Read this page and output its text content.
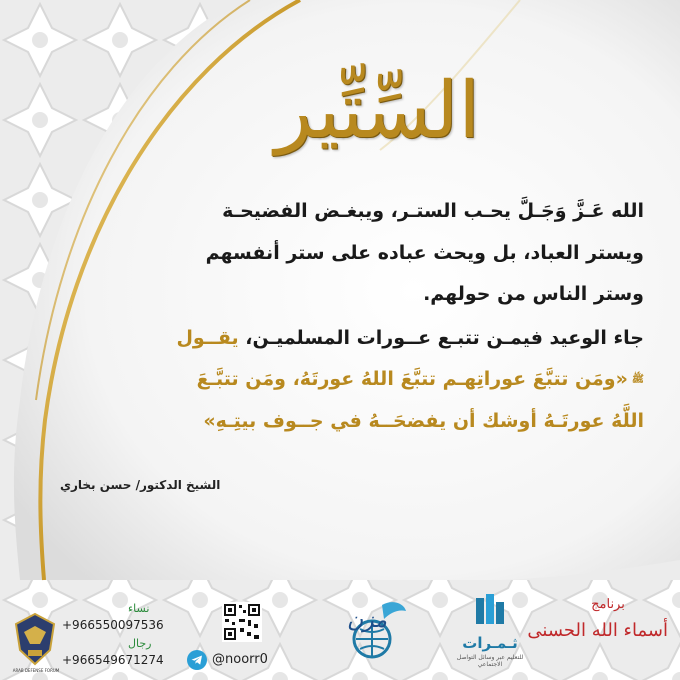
السِّتِّير
الله عَـزَّ وَجَـلَّ يحـب الستـر، ويبغـض الفضيحـة
ويستر العباد، بل ويحث عباده على ستر أنفسهم
وستر الناس من حولهم.
جاء الوعيد فيمـن تتبـع عــورات المسلميـن، يقــول
ﷺ«ومَن تتبَّعَ عوراتِهـم تتبَّعَ اللهُ عورتَهُ، ومَن تتبَّـعَ
اللَّهُ عورتَـهُ أوشك أن يفضحَــهُ في جــوف بيتِـهِ»
الشيخ الدكتور/ حسن بخاري
ARAB DEFENSE FORUM
نساء
+966550097536
رجال
+966549671274	@noorr0
مزن
ثـمـرات
للتعليم عبر وسائل التواصل الاجتماعي
برنامج
أسماء الله الحسنى
